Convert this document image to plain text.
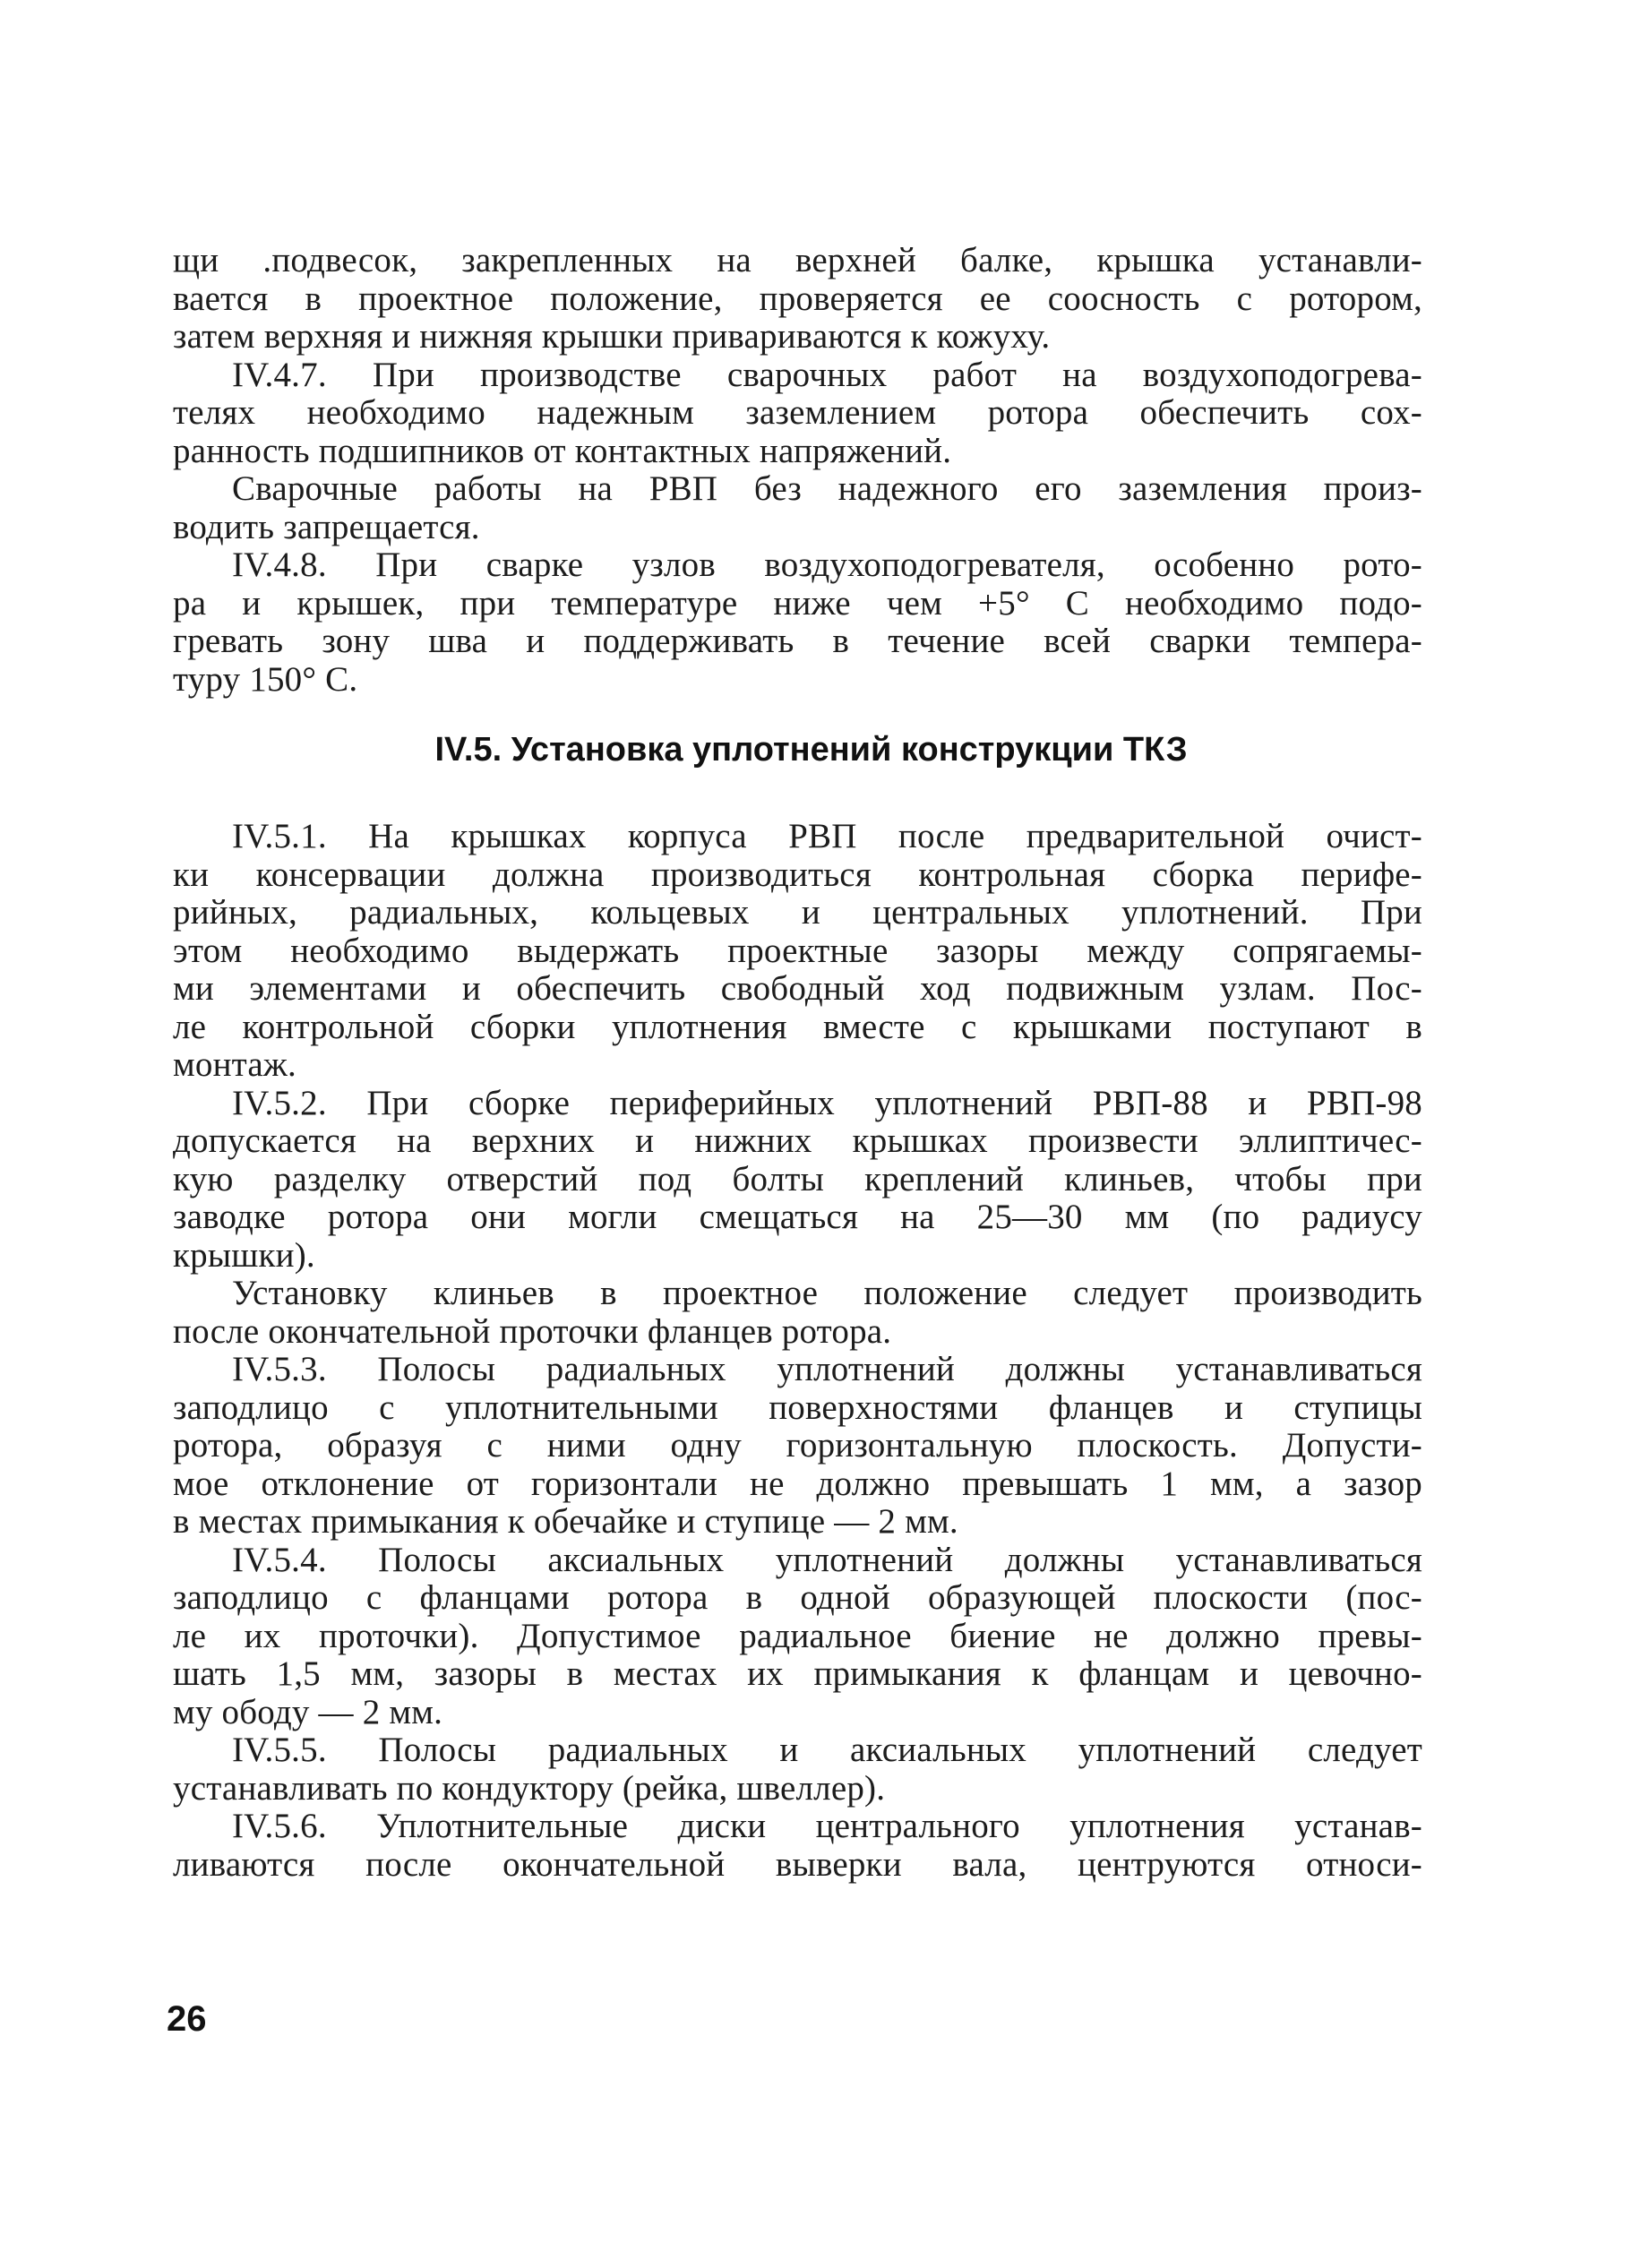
щи .подвесок, закрепленных на верхней балке, крышка устанавли-
вается в проектное положение, проверяется ее соосность с ротором,
затем верхняя и нижняя крышки привариваются к кожуху.
IV.4.7. При производстве сварочных работ на воздухоподогрева-
телях необходимо надежным заземлением ротора обеспечить сох-
ранность подшипников от контактных напряжений.
Сварочные работы на РВП без надежного его заземления произ-
водить запрещается.
IV.4.8. При сварке узлов воздухоподогревателя, особенно рото-
ра и крышек, при температуре ниже чем +5° С необходимо подо-
гревать зону шва и поддерживать в течение всей сварки темпера-
туру 150° С.
IV.5. Установка уплотнений конструкции ТКЗ
IV.5.1. На крышках корпуса РВП после предварительной очист-
ки консервации должна производиться контрольная сборка перифе-
рийных, радиальных, кольцевых и центральных уплотнений. При
этом необходимо выдержать проектные зазоры между сопрягаемы-
ми элементами и обеспечить свободный ход подвижным узлам. Пос-
ле контрольной сборки уплотнения вместе с крышками поступают в
монтаж.
IV.5.2. При сборке периферийных уплотнений РВП-88 и РВП-98
допускается на верхних и нижних крышках произвести эллиптичес-
кую разделку отверстий под болты креплений клиньев, чтобы при
заводке ротора они могли смещаться на 25—30 мм (по радиусу
крышки).
Установку клиньев в проектное положение следует производить
после окончательной проточки фланцев ротора.
IV.5.3. Полосы радиальных уплотнений должны устанавливаться
заподлицо с уплотнительными поверхностями фланцев и ступицы
ротора, образуя с ними одну горизонтальную плоскость. Допусти-
мое отклонение от горизонтали не должно превышать 1 мм, а зазор
в местах примыкания к обечайке и ступице — 2 мм.
IV.5.4. Полосы аксиальных уплотнений должны устанавливаться
заподлицо с фланцами ротора в одной образующей плоскости (пос-
ле их проточки). Допустимое радиальное биение не должно превы-
шать 1,5 мм, зазоры в местах их примыкания к фланцам и цевочно-
му ободу — 2 мм.
IV.5.5. Полосы радиальных и аксиальных уплотнений следует
устанавливать по кондуктору (рейка, швеллер).
IV.5.6. Уплотнительные диски центрального уплотнения устанав-
ливаются после окончательной выверки вала, центруются относи-
26
